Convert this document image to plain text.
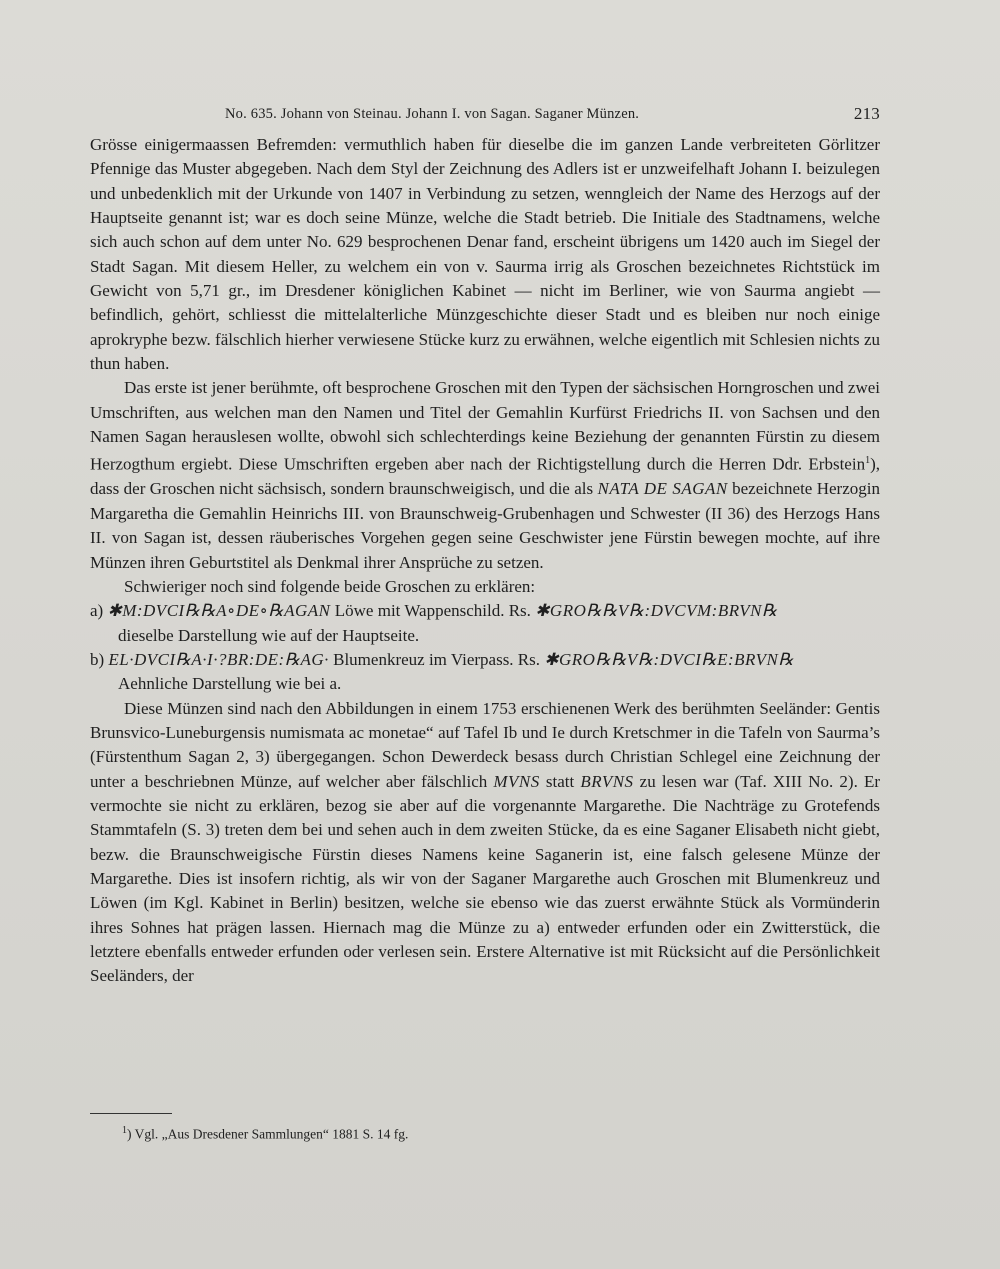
No. 635. Johann von Steinau. Johann I. von Sagan. Saganer Münzen.	213

Grösse einigermaassen Befremden: vermuthlich haben für dieselbe die im ganzen Lande verbreiteten Görlitzer Pfennige das Muster abgegeben. Nach dem Styl der Zeichnung des Adlers ist er unzweifelhaft Johann I. beizulegen und unbedenklich mit der Urkunde von 1407 in Verbindung zu setzen, wenngleich der Name des Herzogs auf der Hauptseite genannt ist; war es doch seine Münze, welche die Stadt betrieb. Die Initiale des Stadtnamens, welche sich auch schon auf dem unter No. 629 besprochenen Denar fand, erscheint übrigens um 1420 auch im Siegel der Stadt Sagan. Mit diesem Heller, zu welchem ein von v. Saurma irrig als Groschen bezeichnetes Richtstück im Gewicht von 5,71 gr., im Dresdener königlichen Kabinet — nicht im Berliner, wie von Saurma angiebt — befindlich, gehört, schliesst die mittelalterliche Münzgeschichte dieser Stadt und es bleiben nur noch einige aprokryphe bezw. fälschlich hierher verwiesene Stücke kurz zu erwähnen, welche eigentlich mit Schlesien nichts zu thun haben.

Das erste ist jener berühmte, oft besprochene Groschen mit den Typen der sächsischen Horngroschen und zwei Umschriften, aus welchen man den Namen und Titel der Gemahlin Kurfürst Friedrichs II. von Sachsen und den Namen Sagan herauslesen wollte, obwohl sich schlechterdings keine Beziehung der genannten Fürstin zu diesem Herzogthum ergiebt. Diese Umschriften ergeben aber nach der Richtigstellung durch die Herren Ddr. Erbstein$^1$), dass der Groschen nicht sächsisch, sondern braunschweigisch, und die als NATA DE SAGAN bezeichnete Herzogin Margaretha die Gemahlin Heinrichs III. von Braunschweig-Grubenhagen und Schwester (II 36) des Herzogs Hans II. von Sagan ist, dessen räuberisches Vorgehen gegen seine Geschwister jene Fürstin bewegen mochte, auf ihre Münzen ihren Geburtstitel als Denkmal ihrer Ansprüche zu setzen.

Schwieriger noch sind folgende beide Groschen zu erklären:

a) ✱M:DVCI℞℞A∘DE∘℞AGAN Löwe mit Wappenschild. Rs. ✱GRO℞℞V℞:DVCVM:BRVN℞

dieselbe Darstellung wie auf der Hauptseite.

b) EL·DVCI℞A·I·?BR:DE:℞AG· Blumenkreuz im Vierpass. Rs. ✱GRO℞℞V℞:DVCI℞E:BRVN℞

Aehnliche Darstellung wie bei a.

Diese Münzen sind nach den Abbildungen in einem 1753 erschienenen Werk des berühmten Seeländer: Gentis Brunsvico-Luneburgensis numismata ac monetae“ auf Tafel Ib und Ie durch Kretschmer in die Tafeln von Saurma’s (Fürstenthum Sagan 2, 3) übergegangen. Schon Dewerdeck besass durch Christian Schlegel eine Zeichnung der unter a beschriebnen Münze, auf welcher aber fälschlich MVNS statt BRVNS zu lesen war (Taf. XIII No. 2). Er vermochte sie nicht zu erklären, bezog sie aber auf die vorgenannte Margarethe. Die Nachträge zu Grotefends Stammtafeln (S. 3) treten dem bei und sehen auch in dem zweiten Stücke, da es eine Saganer Elisabeth nicht giebt, bezw. die Braunschweigische Fürstin dieses Namens keine Saganerin ist, eine falsch gelesene Münze der Margarethe. Dies ist insofern richtig, als wir von der Saganer Margarethe auch Groschen mit Blumenkreuz und Löwen (im Kgl. Kabinet in Berlin) besitzen, welche sie ebenso wie das zuerst erwähnte Stück als Vormünderin ihres Sohnes hat prägen lassen. Hiernach mag die Münze zu a) entweder erfunden oder ein Zwitterstück, die letztere ebenfalls entweder erfunden oder verlesen sein. Erstere Alternative ist mit Rücksicht auf die Persönlichkeit Seeländers, der

$^1$) Vgl. „Aus Dresdener Sammlungen“ 1881 S. 14 fg.
